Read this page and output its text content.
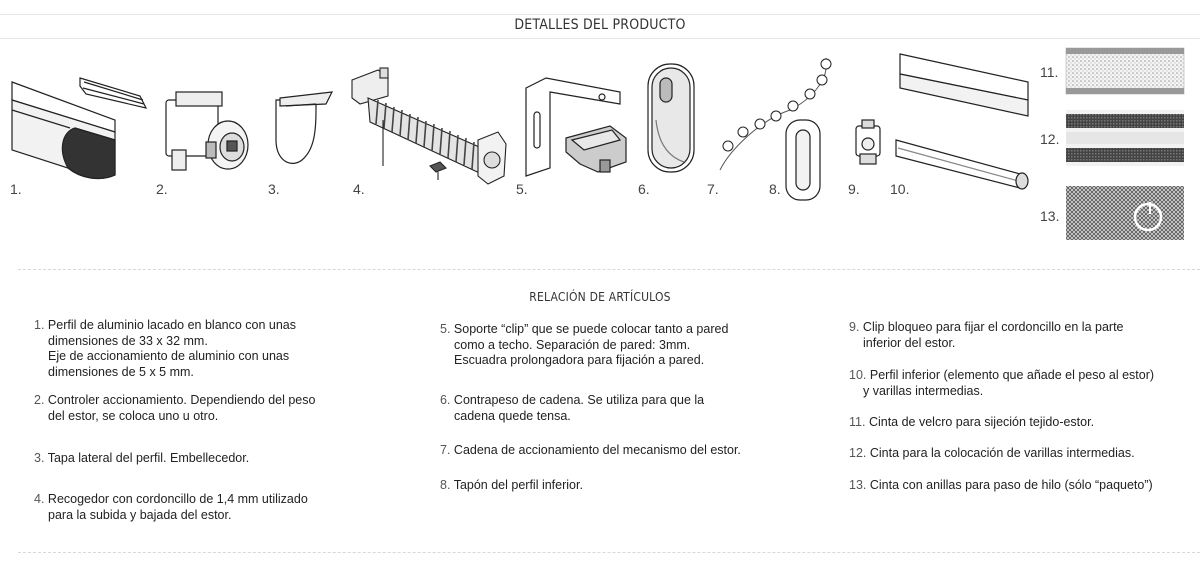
DETALLES DEL PRODUCTO
1.	2.	3.	4.	5.	6.	7.	8.	9. 10.
11.
12.
13.
RELACIÓN DE ARTÍCULOS
1. Perfil de aluminio lacado en blanco con unas
dimensiones de 33 x 32 mm.
Eje de accionamiento de aluminio con unas
dimensiones de 5 x 5 mm.
2. Controler accionamiento. Dependiendo del peso
del estor, se coloca uno u otro.
3. Tapa lateral del perfil. Embellecedor.
4. Recogedor con cordoncillo de 1,4 mm utilizado
para la subida y bajada del estor.
5. Soporte “clip” que se puede colocar tanto a pared
como a techo. Separación de pared: 3mm.
Escuadra prolongadora para fijación a pared.
6. Contrapeso de cadena. Se utiliza para que la
cadena quede tensa.
7. Cadena de accionamiento del mecanismo del estor.
8. Tapón del perfil inferior.
9. Clip bloqueo para fijar el cordoncillo en la parte
inferior del estor.
10. Perfil inferior (elemento que añade el peso al estor)
y varillas intermedias.
11. Cinta de velcro para sijeción tejido-estor.
12. Cinta para la colocación de varillas intermedias.
13. Cinta con anillas para paso de hilo (sólo “paqueto”)
